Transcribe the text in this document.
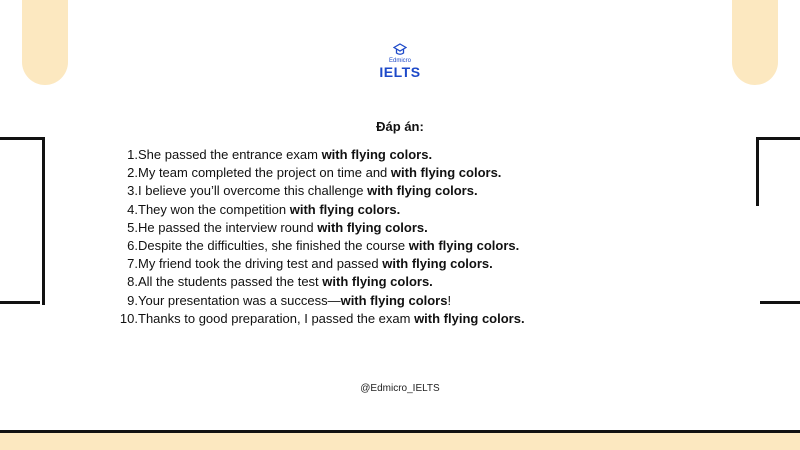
Edmicro
IELTS
Đáp án:
1.She passed the entrance exam with flying colors.
2.My team completed the project on time and with flying colors.
3.I believe you’ll overcome this challenge with flying colors.
4.They won the competition with flying colors.
5.He passed the interview round with flying colors.
6.Despite the difficulties, she finished the course with flying colors.
7.My friend took the driving test and passed with flying colors.
8.All the students passed the test with flying colors.
9.Your presentation was a success—with flying colors!
10.Thanks to good preparation, I passed the exam with flying colors.
@Edmicro_IELTS
